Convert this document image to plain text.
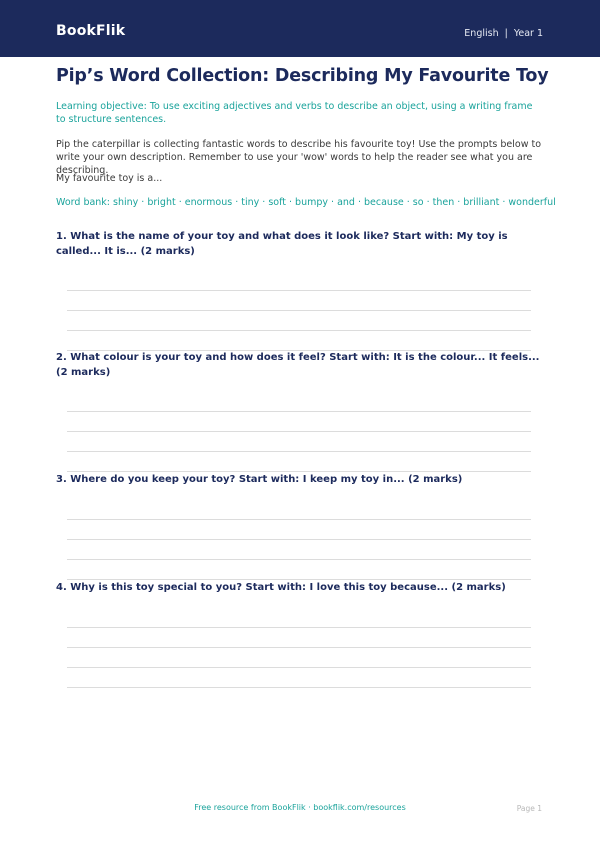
BookFlik	English | Year 1
Pip’s Word Collection: Describing My Favourite Toy

Learning objective: To use exciting adjectives and verbs to describe an object, using a writing frame to structure sentences.

Pip the caterpillar is collecting fantastic words to describe his favourite toy! Use the prompts below to write your own description. Remember to use your 'wow' words to help the reader see what you are describing.

My favourite toy is a...

Word bank: shiny · bright · enormous · tiny · soft · bumpy · and · because · so · then · brilliant · wonderful

1. What is the name of your toy and what does it look like? Start with: My toy is called... It is... (2 marks)
2. What colour is your toy and how does it feel? Start with: It is the colour... It feels... (2 marks)
3. Where do you keep your toy? Start with: I keep my toy in... (2 marks)
4. Why is this toy special to you? Start with: I love this toy because... (2 marks)
Free resource from BookFlik · bookflik.com/resources	Page 1
